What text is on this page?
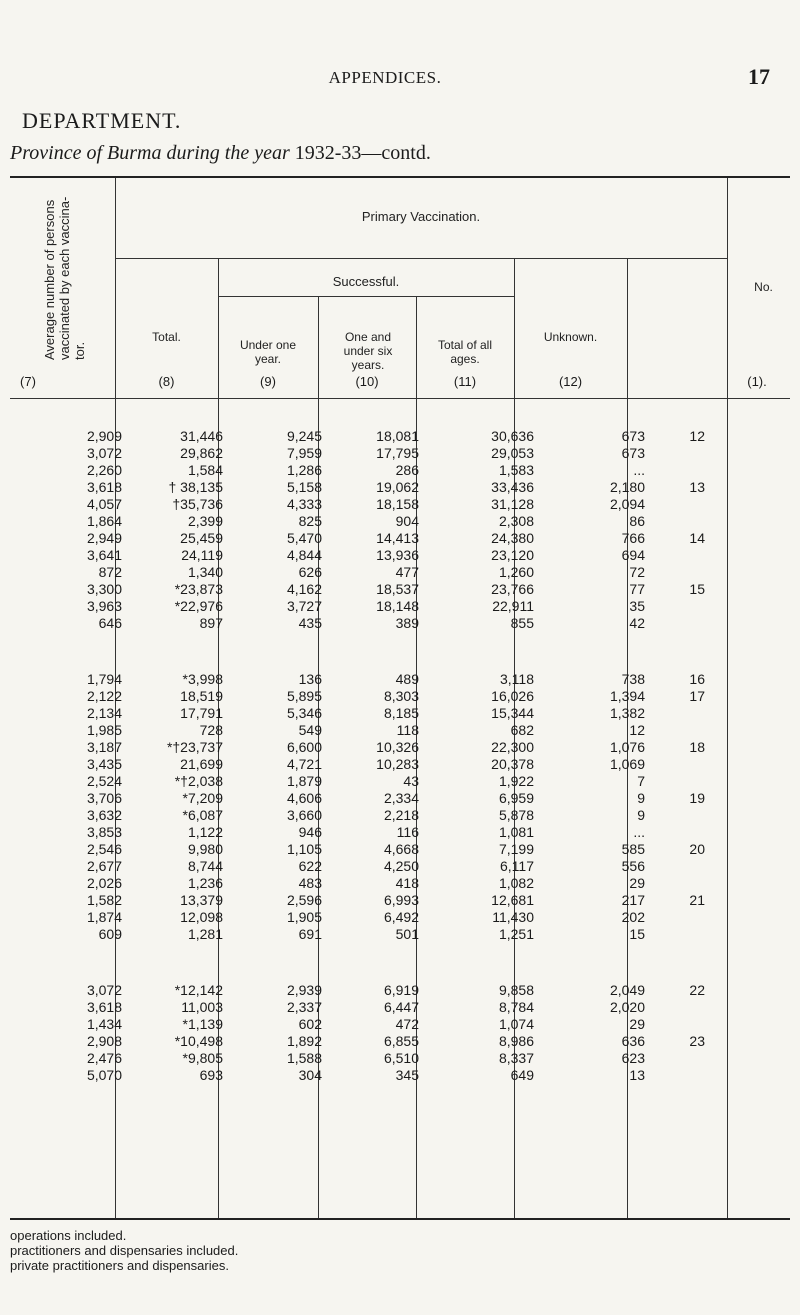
APPENDICES.	17
DEPARTMENT.
Province of Burma during the year 1932-33—contd.
Average number of persons vaccinated by each vaccina-tor.
Primary Vaccination.
Successful.
Total.
Under one year.
One and under six years.
Total of all ages.
Unknown.
No.
(7)	(8)	(9)	(10)	(11)	(12)	(1).
2,909	31,446	9,245	18,081	30,636	673	12
3,072	29,862	7,959	17,795	29,053	673	
2,260	1,584	1,286	286	1,583	...	
3,618	† 38,135	5,158	19,062	33,436	2,180	13
4,057	†35,736	4,333	18,158	31,128	2,094	
1,864	2,399	825	904	2,308	86	
2,949	25,459	5,470	14,413	24,380	766	14
3,641	24,119	4,844	13,936	23,120	694	
872	1,340	626	477	1,260	72	
3,300	*23,873	4,162	18,537	23,766	77	15
3,963	*22,976	3,727	18,148	22,911	35	
646	897	435	389	855	42	

1,794	*3,998	136	489	3,118	738	16
2,122	18,519	5,895	8,303	16,026	1,394	17
2,134	17,791	5,346	8,185	15,344	1,382	
1,985	728	549	118	682	12	
3,187	*†23,737	6,600	10,326	22,300	1,076	18
3,435	21,699	4,721	10,283	20,378	1,069	
2,524	*†2,038	1,879	43	1,922	7	
3,706	*7,209	4,606	2,334	6,959	9	19
3,632	*6,087	3,660	2,218	5,878	9	
3,853	1,122	946	116	1,081	...	
2,546	9,980	1,105	4,668	7,199	585	20
2,677	8,744	622	4,250	6,117	556	
2,026	1,236	483	418	1,082	29	
1,582	13,379	2,596	6,993	12,681	217	21
1,874	12,098	1,905	6,492	11,430	202	
609	1,281	691	501	1,251	15	

3,072	*12,142	2,939	6,919	9,858	2,049	22
3,618	11,003	2,337	6,447	8,784	2,020	
1,434	*1,139	602	472	1,074	29	
2,908	*10,498	1,892	6,855	8,986	636	23
2,476	*9,805	1,588	6,510	8,337	623	
5,070	693	304	345	649	13	
operations included.
practitioners and dispensaries included.
private practitioners and dispensaries.
